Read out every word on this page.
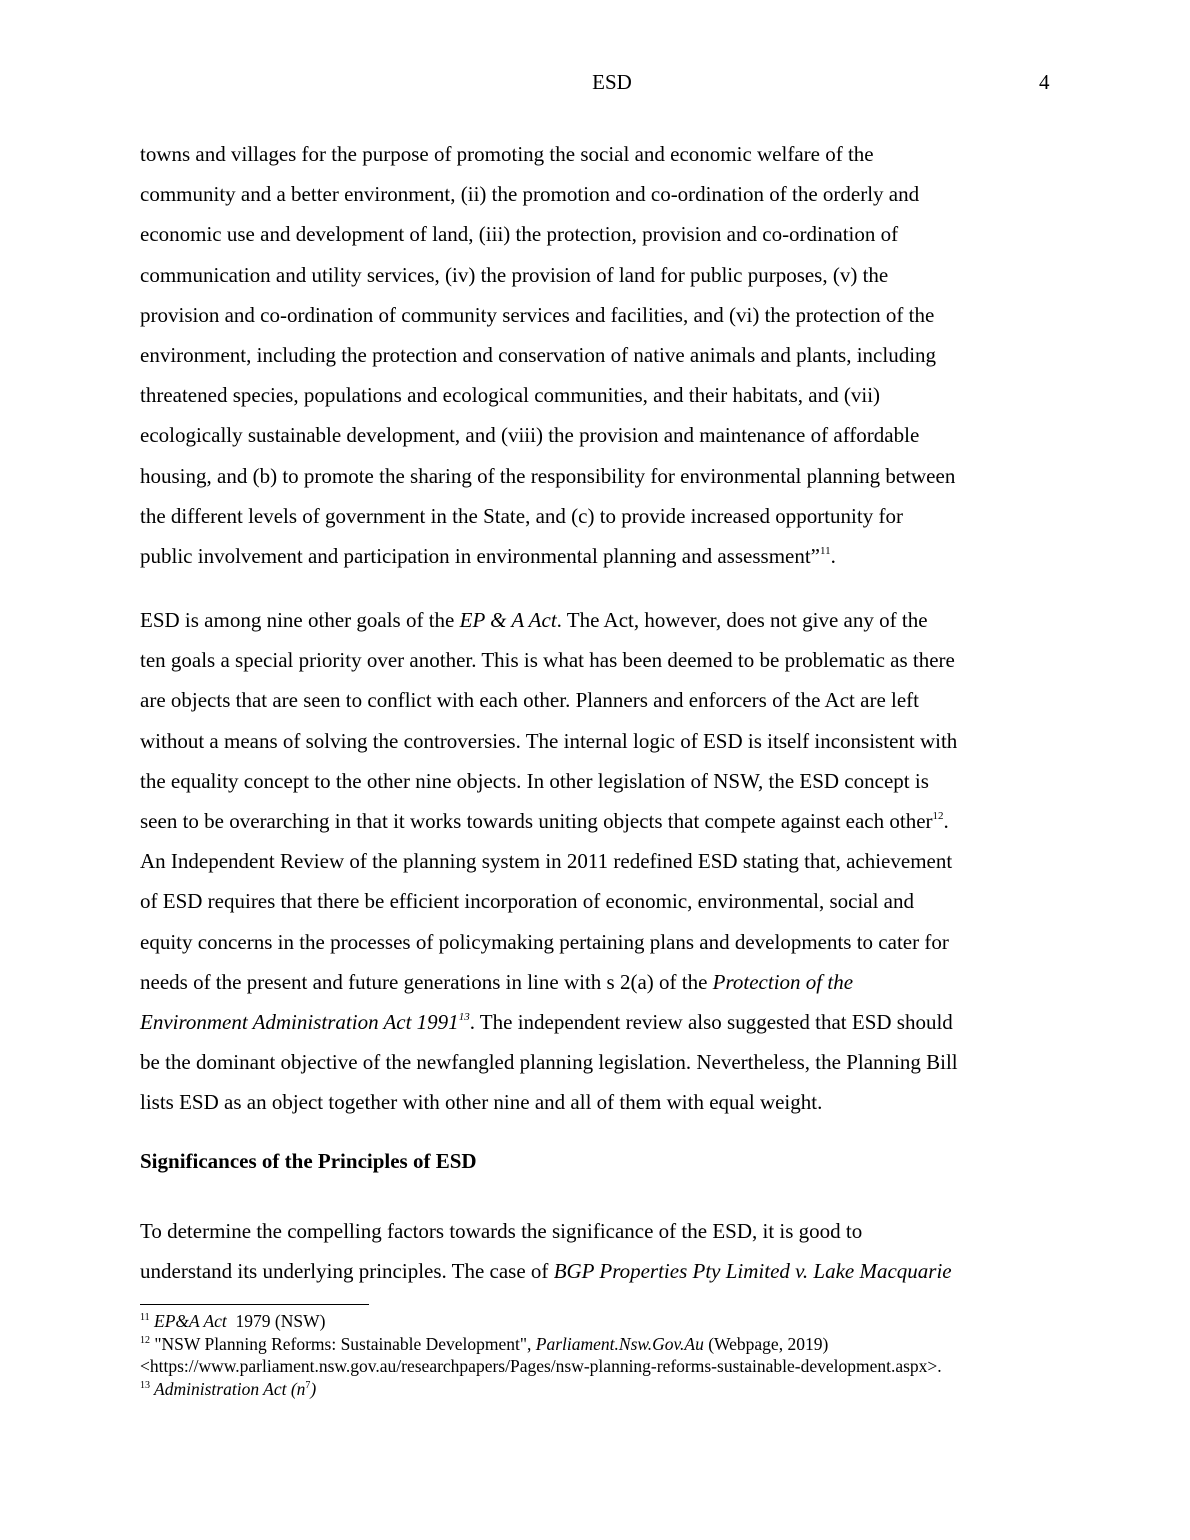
ESD	4
towns and villages for the purpose of promoting the social and economic welfare of the
community and a better environment, (ii) the promotion and co-ordination of the orderly and
economic use and development of land, (iii) the protection, provision and co-ordination of
communication and utility services, (iv) the provision of land for public purposes, (v) the
provision and co-ordination of community services and facilities, and (vi) the protection of the
environment, including the protection and conservation of native animals and plants, including
threatened species, populations and ecological communities, and their habitats, and (vii)
ecologically sustainable development, and (viii) the provision and maintenance of affordable
housing, and (b) to promote the sharing of the responsibility for environmental planning between
the different levels of government in the State, and (c) to provide increased opportunity for
public involvement and participation in environmental planning and assessment”$^{11}$.
ESD is among nine other goals of the EP & A Act. The Act, however, does not give any of the
ten goals a special priority over another. This is what has been deemed to be problematic as there
are objects that are seen to conflict with each other. Planners and enforcers of the Act are left
without a means of solving the controversies. The internal logic of ESD is itself inconsistent with
the equality concept to the other nine objects. In other legislation of NSW, the ESD concept is
seen to be overarching in that it works towards uniting objects that compete against each other$^{12}$.
An Independent Review of the planning system in 2011 redefined ESD stating that, achievement
of ESD requires that there be efficient incorporation of economic, environmental, social and
equity concerns in the processes of policymaking pertaining plans and developments to cater for
needs of the present and future generations in line with s 2(a) of the Protection of the
Environment Administration Act 1991$^{13}$. The independent review also suggested that ESD should
be the dominant objective of the newfangled planning legislation. Nevertheless, the Planning Bill
lists ESD as an object together with other nine and all of them with equal weight.
Significances of the Principles of ESD
To determine the compelling factors towards the significance of the ESD, it is good to
understand its underlying principles. The case of BGP Properties Pty Limited v. Lake Macquarie
$^{11}$ EP&A Act  1979 (NSW)
$^{12}$ "NSW Planning Reforms: Sustainable Development", Parliament.Nsw.Gov.Au (Webpage, 2019)
<https://www.parliament.nsw.gov.au/researchpapers/Pages/nsw-planning-reforms-sustainable-development.aspx>.
$^{13}$ Administration Act $(n^7)$
